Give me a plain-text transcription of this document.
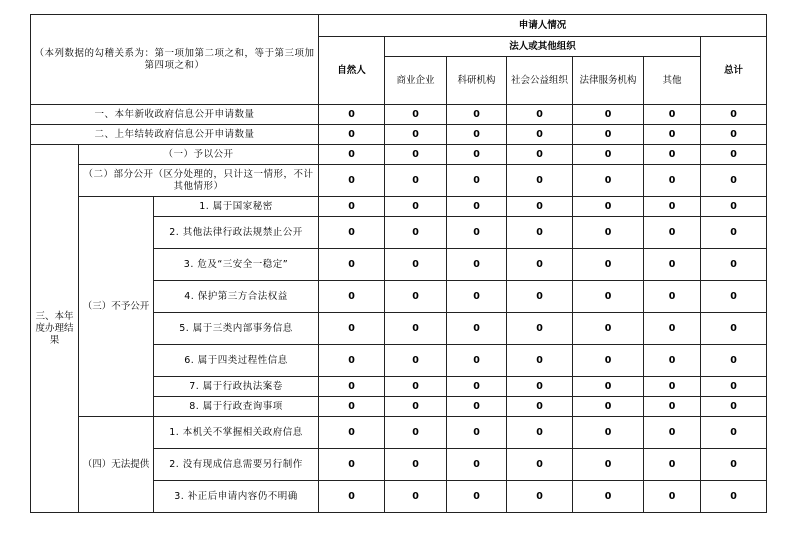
（本列数据的勾稽关系为：第一项加第二项之和，等于第三项加第四项之和）			申请人情况						
			自然人	法人或其他组织					总计
				商业企业	科研机构	社会公益组织	法律服务机构	其他	
一、本年新收政府信息公开申请数量			0	0	0	0	0	0	0
二、上年结转政府信息公开申请数量			0	0	0	0	0	0	0
三、本年度办理结果	（一）予以公开		0	0	0	0	0	0	0
	（二）部分公开（区分处理的，只计这一情形，不计其他情形）		0	0	0	0	0	0	0
	（三）不予公开	1. 属于国家秘密	0	0	0	0	0	0	0
		2. 其他法律行政法规禁止公开	0	0	0	0	0	0	0
		3. 危及“三安全一稳定”	0	0	0	0	0	0	0
		4. 保护第三方合法权益	0	0	0	0	0	0	0
		5. 属于三类内部事务信息	0	0	0	0	0	0	0
		6. 属于四类过程性信息	0	0	0	0	0	0	0
		7. 属于行政执法案卷	0	0	0	0	0	0	0
		8. 属于行政查询事项	0	0	0	0	0	0	0
	（四）无法提供	1. 本机关不掌握相关政府信息	0	0	0	0	0	0	0
		2. 没有现成信息需要另行制作	0	0	0	0	0	0	0
		3. 补正后申请内容仍不明确	0	0	0	0	0	0	0
